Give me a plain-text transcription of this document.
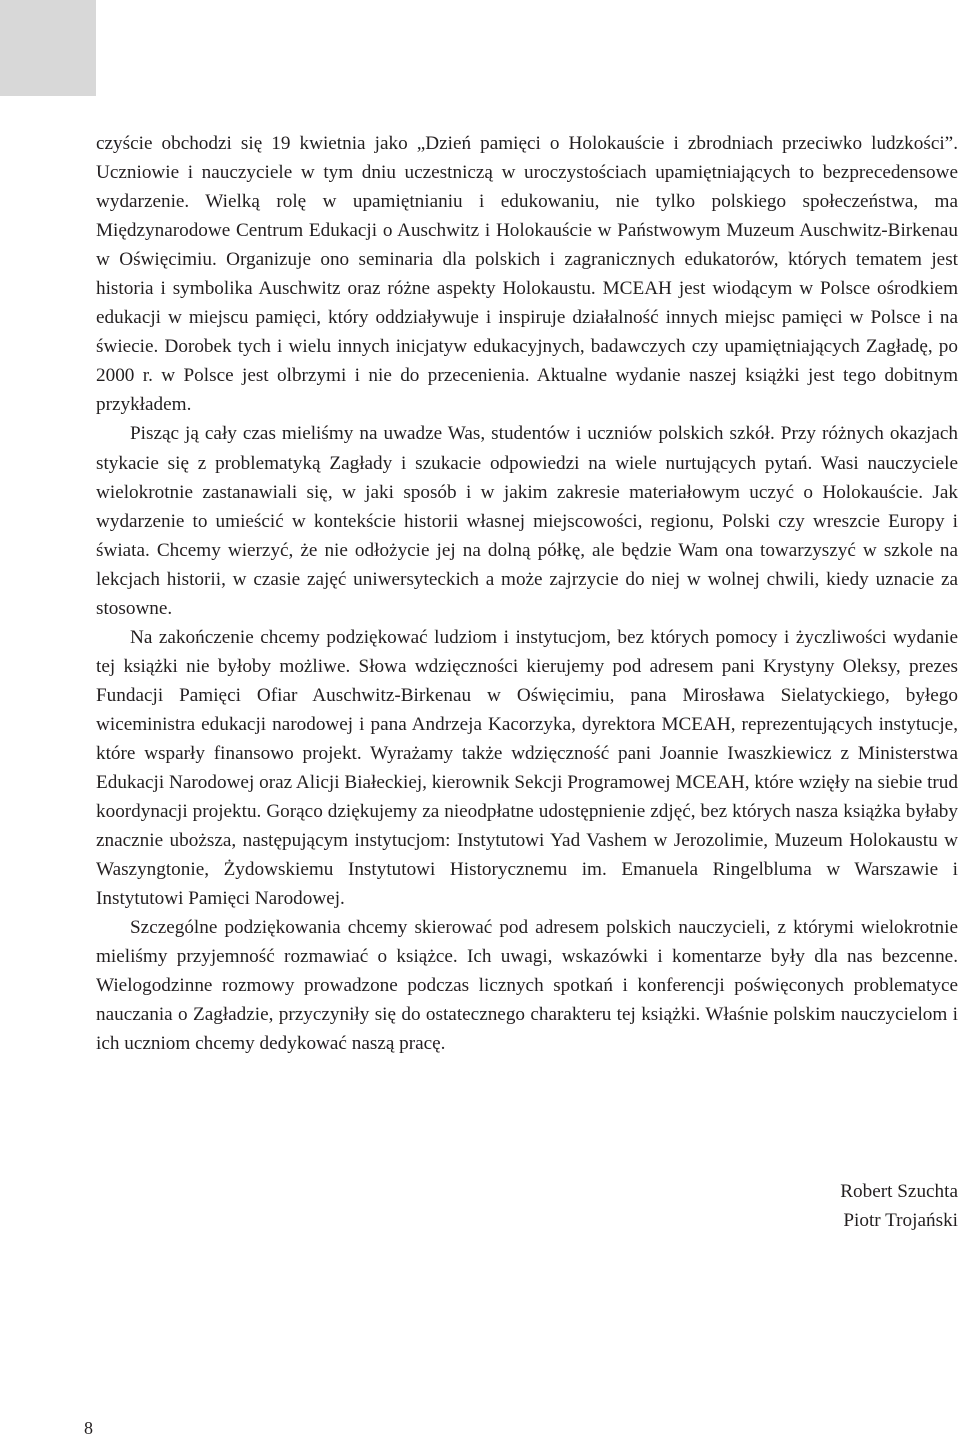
czyście obchodzi się 19 kwietnia jako „Dzień pamięci o Holokauście i zbrodniach przeciwko ludzkości”. Uczniowie i nauczyciele w tym dniu uczestniczą w uroczystościach upamiętniających to bezprecedensowe wydarzenie. Wielką rolę w upamiętnianiu i edukowaniu, nie tylko polskiego społeczeństwa, ma Międzynarodowe Centrum Edukacji o Auschwitz i Holokauście w Państwowym Muzeum Auschwitz-Birkenau w Oświęcimiu. Organizuje ono seminaria dla polskich i zagranicznych edukatorów, których tematem jest historia i symbolika Auschwitz oraz różne aspekty Holokaustu. MCEAH jest wiodącym w Polsce ośrodkiem edukacji w miejscu pamięci, który oddziaływuje i inspiruje działalność innych miejsc pamięci w Polsce i na świecie. Dorobek tych i wielu innych inicjatyw edukacyjnych, badawczych czy upamiętniających Zagładę, po 2000 r. w Polsce jest olbrzymi i nie do przecenienia. Aktualne wydanie naszej książki jest tego dobitnym przykładem.

Pisząc ją cały czas mieliśmy na uwadze Was, studentów i uczniów polskich szkół. Przy różnych okazjach stykacie się z problematyką Zagłady i szukacie odpowiedzi na wiele nurtujących pytań. Wasi nauczyciele wielokrotnie zastanawiali się, w jaki sposób i w jakim zakresie materiałowym uczyć o Holokauście. Jak wydarzenie to umieścić w kontekście historii własnej miejscowości, regionu, Polski czy wreszcie Europy i świata. Chcemy wierzyć, że nie odłożycie jej na dolną półkę, ale będzie Wam ona towarzyszyć w szkole na lekcjach historii, w czasie zajęć uniwersyteckich a może zajrzycie do niej w wolnej chwili, kiedy uznacie za stosowne.

Na zakończenie chcemy podziękować ludziom i instytucjom, bez których pomocy i życzliwości wydanie tej książki nie byłoby możliwe. Słowa wdzięczności kierujemy pod adresem pani Krystyny Oleksy, prezes Fundacji Pamięci Ofiar Auschwitz-Birkenau w Oświęcimiu, pana Mirosława Sielatyckiego, byłego wiceministra edukacji narodowej i pana Andrzeja Kacorzyka, dyrektora MCEAH, reprezentujących instytucje, które wsparły finansowo projekt. Wyrażamy także wdzięczność pani Joannie Iwaszkiewicz z Ministerstwa Edukacji Narodowej oraz Alicji Białeckiej, kierownik Sekcji Programowej MCEAH, które wzięły na siebie trud koordynacji projektu. Gorąco dziękujemy za nieodpłatne udostępnienie zdjęć, bez których nasza książka byłaby znacznie uboższa, następującym instytucjom: Instytutowi Yad Vashem w Jerozolimie, Muzeum Holokaustu w Waszyngtonie, Żydowskiemu Instytutowi Historycznemu im. Emanuela Ringelbluma w Warszawie i Instytutowi Pamięci Narodowej.

Szczególne podziękowania chcemy skierować pod adresem polskich nauczycieli, z którymi wielokrotnie mieliśmy przyjemność rozmawiać o książce. Ich uwagi, wskazówki i komentarze były dla nas bezcenne. Wielogodzinne rozmowy prowadzone podczas licznych spotkań i konferencji poświęconych problematyce nauczania o Zagładzie, przyczyniły się do ostatecznego charakteru tej książki. Właśnie polskim nauczycielom i ich uczniom chcemy dedykować naszą pracę.

Robert Szuchta
Piotr Trojański
8
